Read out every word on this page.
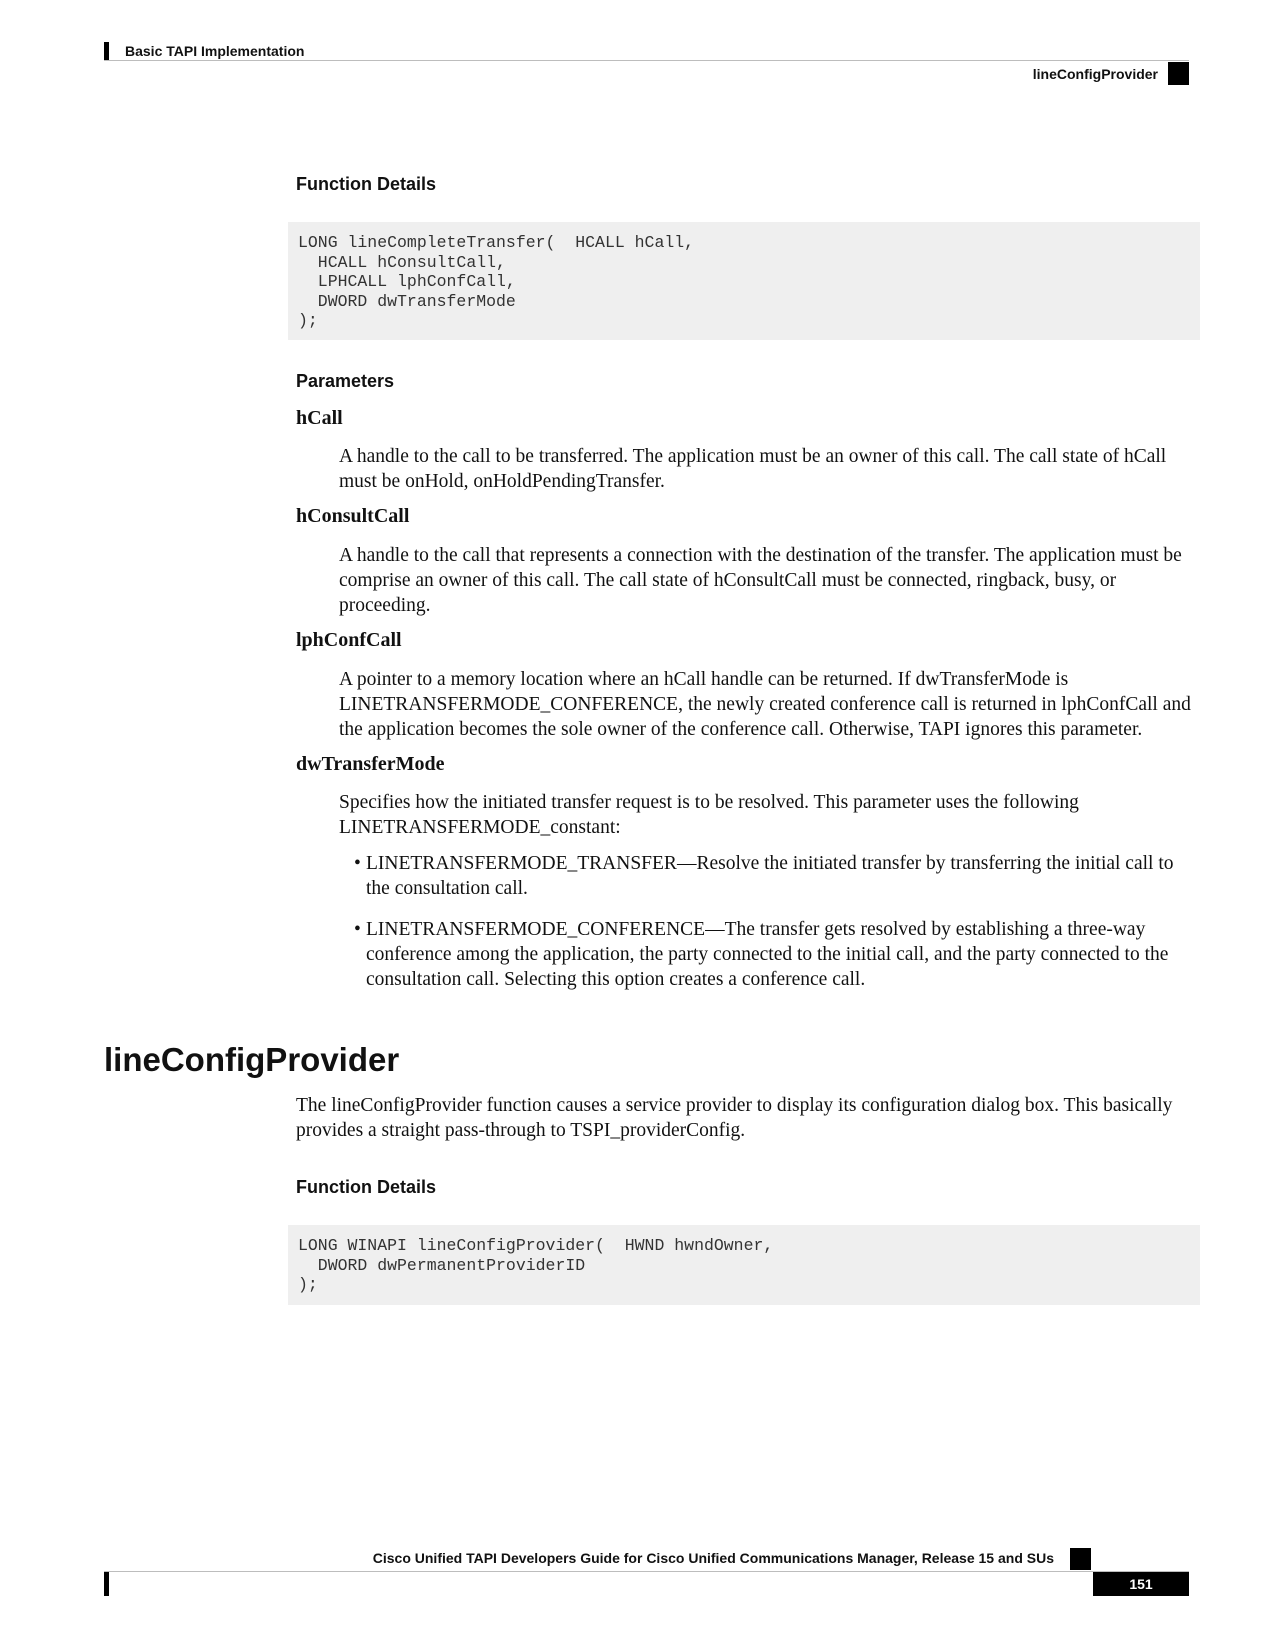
Basic TAPI Implementation
lineConfigProvider
Function Details
LONG lineCompleteTransfer(  HCALL hCall,
HCALL hConsultCall,
LPHCALL lphConfCall,
DWORD dwTransferMode
);
Parameters
hCall
A handle to the call to be transferred. The application must be an owner of this call. The call state of hCall must be onHold, onHoldPendingTransfer.
hConsultCall
A handle to the call that represents a connection with the destination of the transfer. The application must be comprise an owner of this call. The call state of hConsultCall must be connected, ringback, busy, or proceeding.
lphConfCall
A pointer to a memory location where an hCall handle can be returned. If dwTransferMode is LINETRANSFERMODE_CONFERENCE, the newly created conference call is returned in lphConfCall and the application becomes the sole owner of the conference call. Otherwise, TAPI ignores this parameter.
dwTransferMode
Specifies how the initiated transfer request is to be resolved. This parameter uses the following LINETRANSFERMODE_constant:
• LINETRANSFERMODE_TRANSFER—Resolve the initiated transfer by transferring the initial call to the consultation call.
• LINETRANSFERMODE_CONFERENCE—The transfer gets resolved by establishing a three-way conference among the application, the party connected to the initial call, and the party connected to the consultation call. Selecting this option creates a conference call.
lineConfigProvider
The lineConfigProvider function causes a service provider to display its configuration dialog box. This basically provides a straight pass-through to TSPI_providerConfig.
Function Details
LONG WINAPI lineConfigProvider(  HWND hwndOwner,
DWORD dwPermanentProviderID
);
Cisco Unified TAPI Developers Guide for Cisco Unified Communications Manager, Release 15 and SUs
151
